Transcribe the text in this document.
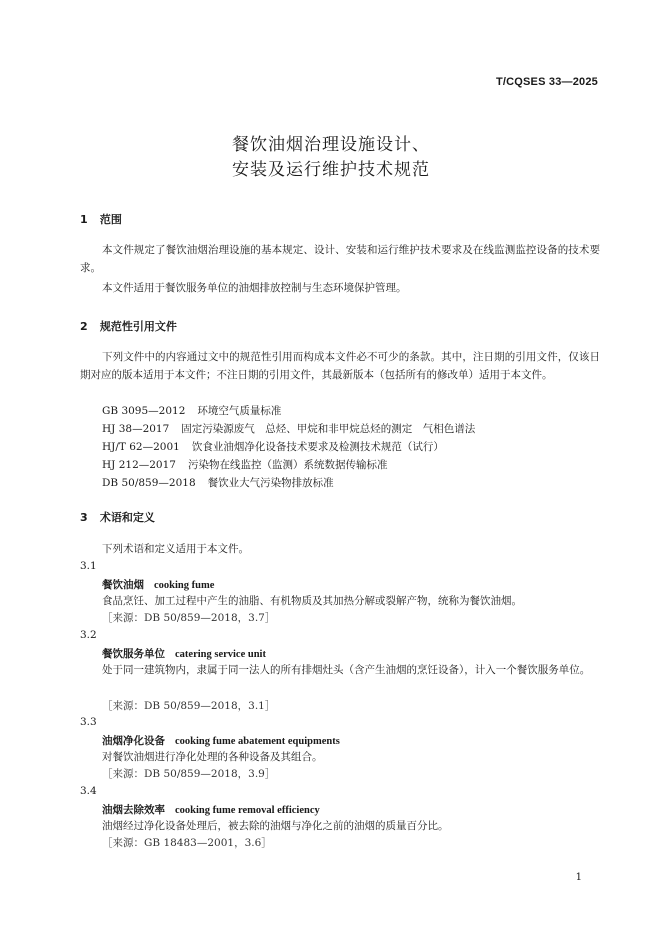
T/CQSES 33—2025
餐饮油烟治理设施设计、
安装及运行维护技术规范
1 范围
本文件规定了餐饮油烟治理设施的基本规定、设计、安装和运行维护技术要求及在线监测监控设备的技术要求。
本文件适用于餐饮服务单位的油烟排放控制与生态环境保护管理。
2 规范性引用文件
下列文件中的内容通过文中的规范性引用而构成本文件必不可少的条款。其中，注日期的引用文件，仅该日期对应的版本适用于本文件；不注日期的引用文件，其最新版本（包括所有的修改单）适用于本文件。
GB 3095—2012 环境空气质量标准
HJ 38—2017 固定污染源废气　总烃、甲烷和非甲烷总烃的测定　气相色谱法
HJ/T 62—2001 饮食业油烟净化设备技术要求及检测技术规范（试行）
HJ 212—2017 污染物在线监控（监测）系统数据传输标准
DB 50/859—2018 餐饮业大气污染物排放标准
3 术语和定义
下列术语和定义适用于本文件。
3.1
餐饮油烟 cooking fume
食品烹饪、加工过程中产生的油脂、有机物质及其加热分解或裂解产物，统称为餐饮油烟。
［来源：DB 50/859—2018，3.7］
3.2
餐饮服务单位 catering service unit
处于同一建筑物内，隶属于同一法人的所有排烟灶头（含产生油烟的烹饪设备），计入一个餐饮服务单位。
［来源：DB 50/859—2018，3.1］
3.3
油烟净化设备 cooking fume abatement equipments
对餐饮油烟进行净化处理的各种设备及其组合。
［来源：DB 50/859—2018，3.9］
3.4
油烟去除效率 cooking fume removal efficiency
油烟经过净化设备处理后，被去除的油烟与净化之前的油烟的质量百分比。
［来源：GB 18483—2001，3.6］
1
